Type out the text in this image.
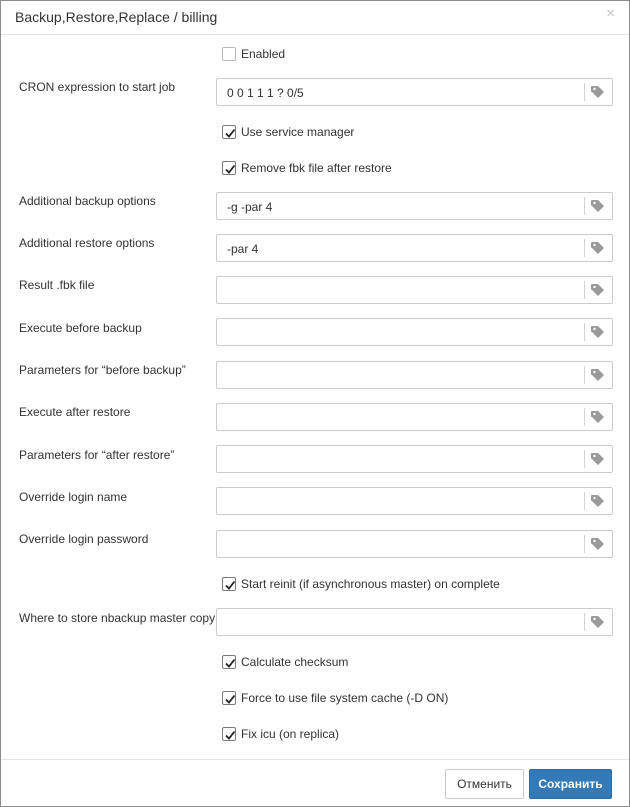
Backup,Restore,Replace / billing	×
Enabled
CRON expression to start job	0 0 1 1 1 ? 0/5
Use service manager
Remove fbk file after restore
Additional backup options	-g -par 4
Additional restore options	-par 4
Result .fbk file
Execute before backup
Parameters for “before backup”
Execute after restore
Parameters for “after restore”
Override login name
Override login password
Start reinit (if asynchronous master) on complete
Where to store nbackup master copy
Calculate checksum
Force to use file system cache (-D ON)
Fix icu (on replica)
Отменить	Сохранить
